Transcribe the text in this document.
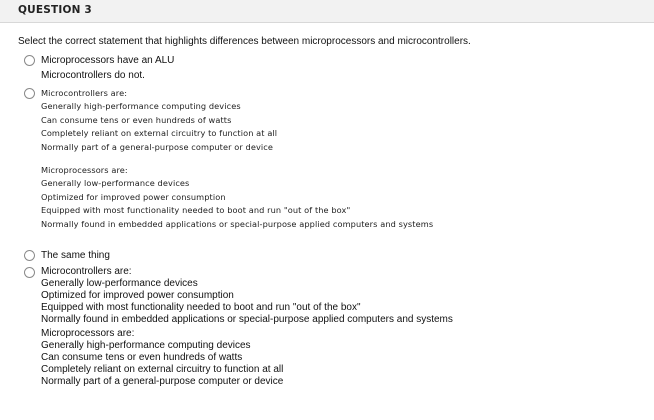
QUESTION 3
Select the correct statement that highlights differences between microprocessors and microcontrollers.
Microprocessors have an ALU
Microcontrollers do not.
Microcontrollers are:
Generally high-performance computing devices
Can consume tens or even hundreds of watts
Completely reliant on external circuitry to function at all
Normally part of a general-purpose computer or device
Microprocessors are:
Generally low-performance devices
Optimized for improved power consumption
Equipped with most functionality needed to boot and run "out of the box"
Normally found in embedded applications or special-purpose applied computers and systems
The same thing
Microcontrollers are:
Generally low-performance devices
Optimized for improved power consumption
Equipped with most functionality needed to boot and run "out of the box"
Normally found in embedded applications or special-purpose applied computers and systems
Microprocessors are:
Generally high-performance computing devices
Can consume tens or even hundreds of watts
Completely reliant on external circuitry to function at all
Normally part of a general-purpose computer or device
